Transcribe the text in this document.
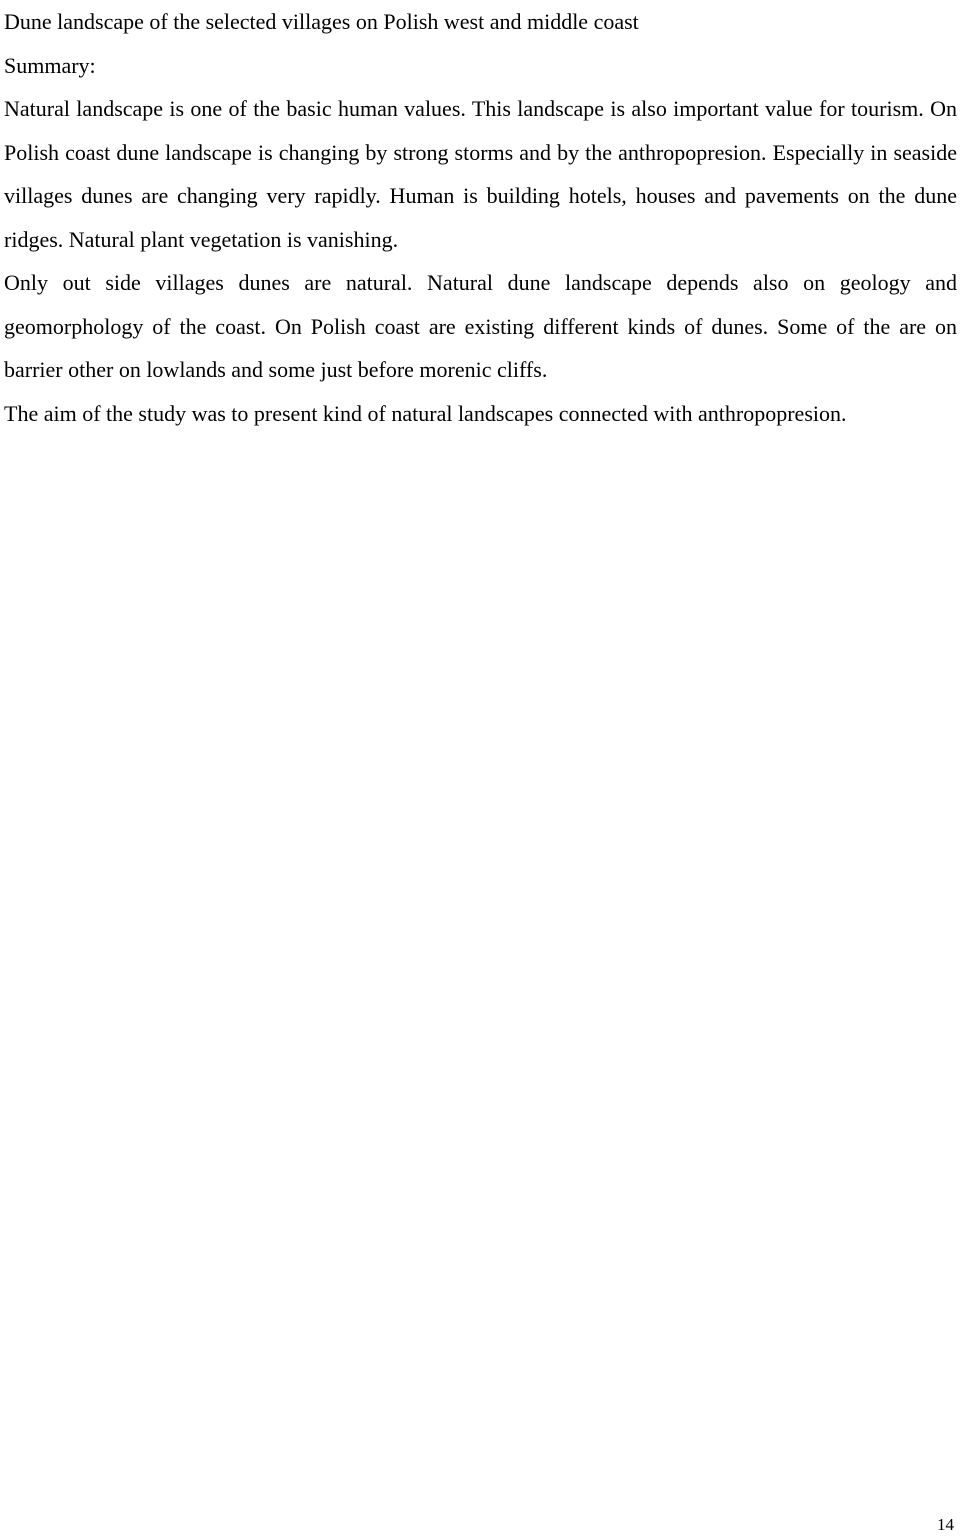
Dune landscape of the selected villages on Polish west and middle coast

Summary:

Natural landscape is one of the basic human values. This landscape is also important value for tourism. On Polish coast dune landscape is changing by strong storms and by the anthropopresion. Especially in seaside villages dunes are changing very rapidly. Human is building hotels, houses and pavements on the dune ridges. Natural plant vegetation is vanishing.

Only out side villages dunes are natural. Natural dune landscape depends also on geology and geomorphology of the coast. On Polish coast are existing different kinds of dunes. Some of the are on barrier other on lowlands and some just before morenic cliffs.

The aim of the study was to present kind of natural landscapes connected with anthropopresion.

14
